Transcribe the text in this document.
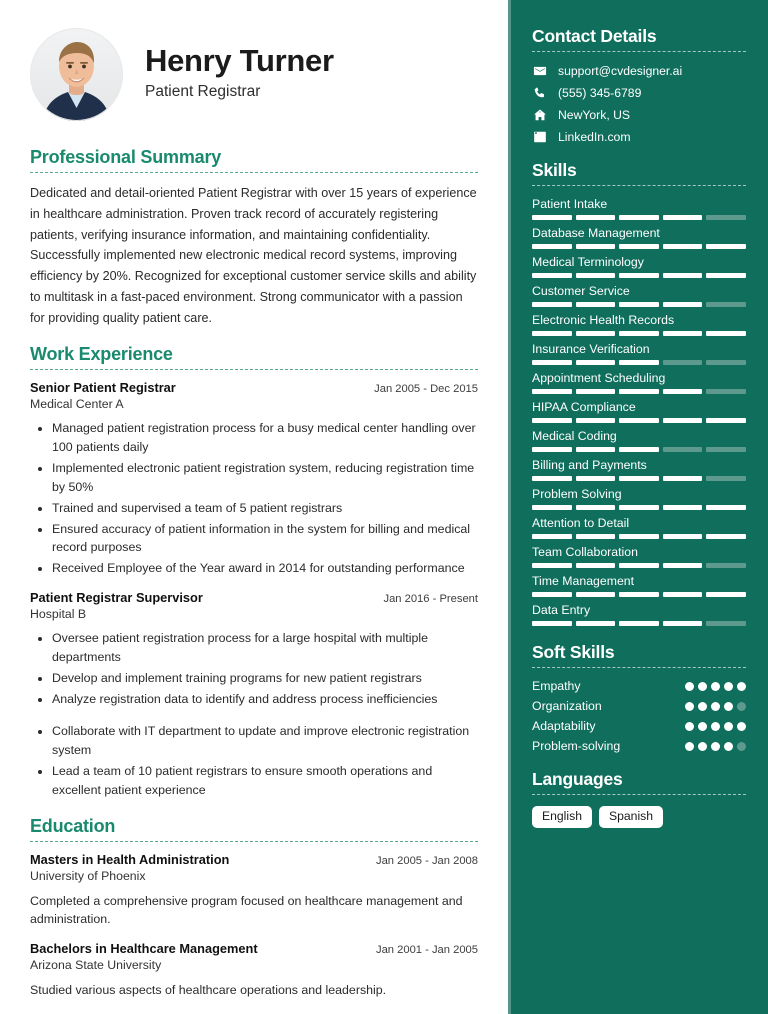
Henry Turner
Patient Registrar
Professional Summary
Dedicated and detail-oriented Patient Registrar with over 15 years of experience in healthcare administration. Proven track record of accurately registering patients, verifying insurance information, and maintaining confidentiality. Successfully implemented new electronic medical record systems, improving efficiency by 20%. Recognized for exceptional customer service skills and ability to multitask in a fast-paced environment. Strong communicator with a passion for providing quality patient care.
Work Experience
Senior Patient Registrar	Jan 2005 - Dec 2015
Medical Center A
• Managed patient registration process for a busy medical center handling over 100 patients daily
• Implemented electronic patient registration system, reducing registration time by 50%
• Trained and supervised a team of 5 patient registrars
• Ensured accuracy of patient information in the system for billing and medical record purposes
• Received Employee of the Year award in 2014 for outstanding performance
Patient Registrar Supervisor	Jan 2016 - Present
Hospital B
• Oversee patient registration process for a large hospital with multiple departments
• Develop and implement training programs for new patient registrars
• Analyze registration data to identify and address process inefficiencies
• Collaborate with IT department to update and improve electronic registration system
• Lead a team of 10 patient registrars to ensure smooth operations and excellent patient experience
Education
Masters in Health Administration	Jan 2005 - Jan 2008
University of Phoenix
Completed a comprehensive program focused on healthcare management and administration.
Bachelors in Healthcare Management	Jan 2001 - Jan 2005
Arizona State University
Studied various aspects of healthcare operations and leadership.
Contact Details
support@cvdesigner.ai
(555) 345-6789
NewYork, US
LinkedIn.com
Skills
Patient Intake
Database Management
Medical Terminology
Customer Service
Electronic Health Records
Insurance Verification
Appointment Scheduling
HIPAA Compliance
Medical Coding
Billing and Payments
Problem Solving
Attention to Detail
Team Collaboration
Time Management
Data Entry
Soft Skills
Empathy
Organization
Adaptability
Problem-solving
Languages
English	Spanish
